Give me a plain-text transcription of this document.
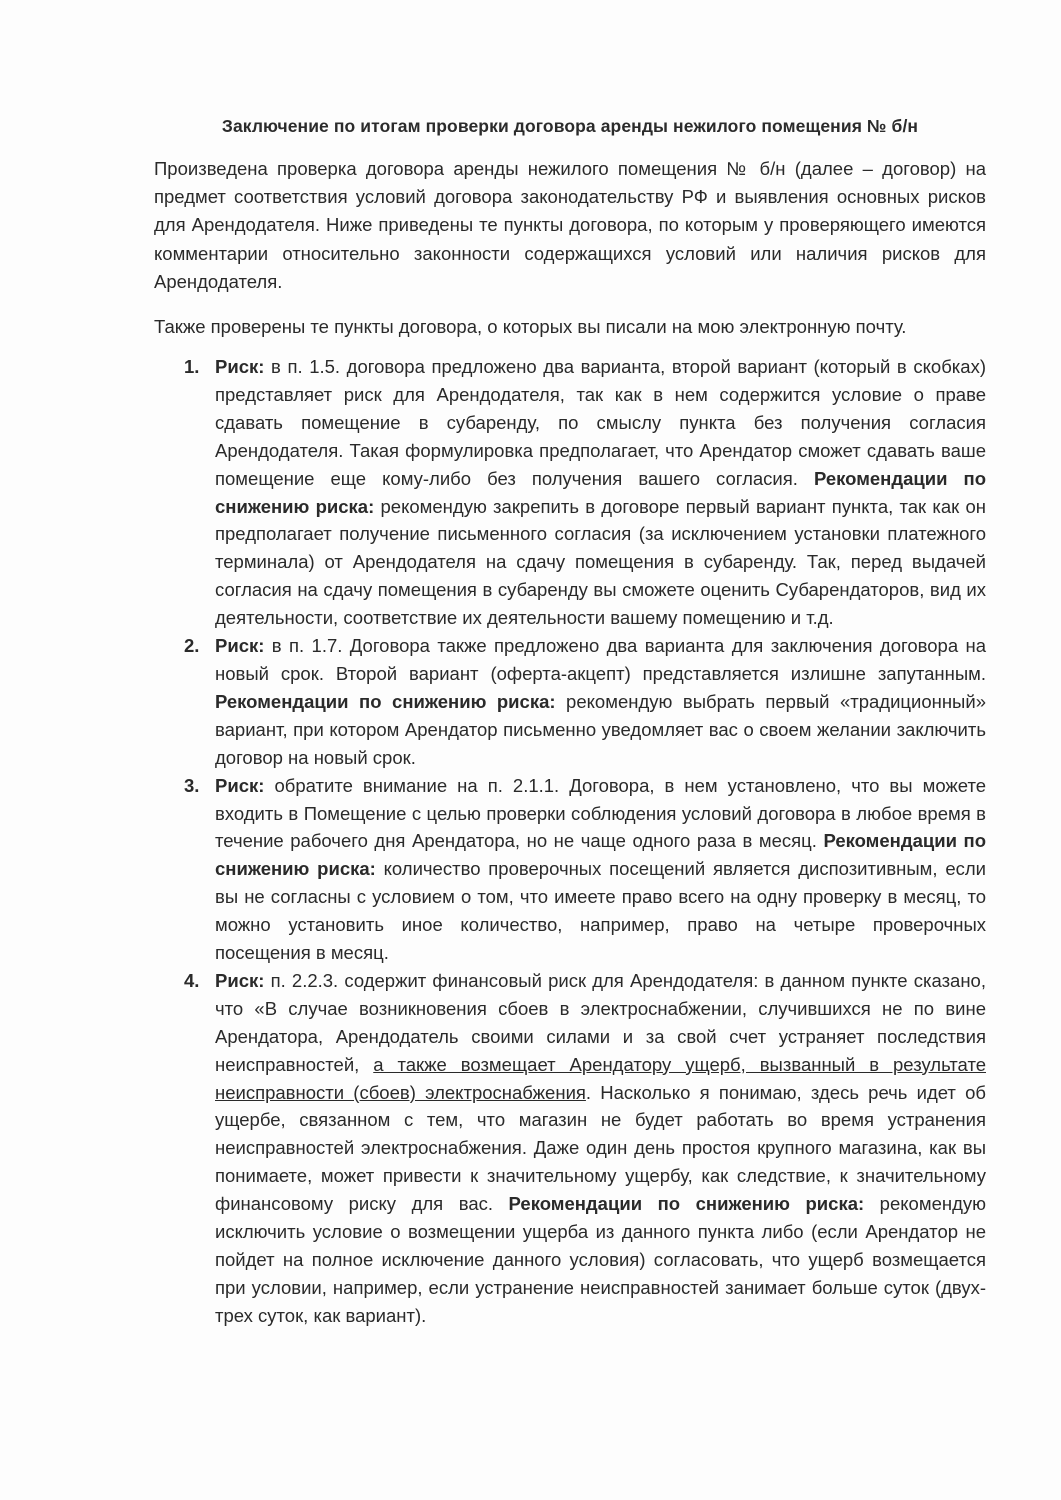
Заключение по итогам проверки договора аренды нежилого помещения № б/н

Произведена проверка договора аренды нежилого помещения № б/н (далее – договор) на предмет соответствия условий договора законодательству РФ и выявления основных рисков для Арендодателя. Ниже приведены те пункты договора, по которым у проверяющего имеются комментарии относительно законности содержащихся условий или наличия рисков для Арендодателя.

Также проверены те пункты договора, о которых вы писали на мою электронную почту.

1. Риск: в п. 1.5. договора предложено два варианта, второй вариант (который в скобках) представляет риск для Арендодателя, так как в нем содержится условие о праве сдавать помещение в субаренду, по смыслу пункта без получения согласия Арендодателя. Такая формулировка предполагает, что Арендатор сможет сдавать ваше помещение еще кому-либо без получения вашего согласия. Рекомендации по снижению риска: рекомендую закрепить в договоре первый вариант пункта, так как он предполагает получение письменного согласия (за исключением установки платежного терминала) от Арендодателя на сдачу помещения в субаренду. Так, перед выдачей согласия на сдачу помещения в субаренду вы сможете оценить Субарендаторов, вид их деятельности, соответствие их деятельности вашему помещению и т.д.
2. Риск: в п. 1.7. Договора также предложено два варианта для заключения договора на новый срок. Второй вариант (оферта-акцепт) представляется излишне запутанным. Рекомендации по снижению риска: рекомендую выбрать первый «традиционный» вариант, при котором Арендатор письменно уведомляет вас о своем желании заключить договор на новый срок.
3. Риск: обратите внимание на п. 2.1.1. Договора, в нем установлено, что вы можете входить в Помещение с целью проверки соблюдения условий договора в любое время в течение рабочего дня Арендатора, но не чаще одного раза в месяц. Рекомендации по снижению риска: количество проверочных посещений является диспозитивным, если вы не согласны с условием о том, что имеете право всего на одну проверку в месяц, то можно установить иное количество, например, право на четыре проверочных посещения в месяц.
4. Риск: п. 2.2.3. содержит финансовый риск для Арендодателя: в данном пункте сказано, что «В случае возникновения сбоев в электроснабжении, случившихся не по вине Арендатора, Арендодатель своими силами и за свой счет устраняет последствия неисправностей, а также возмещает Арендатору ущерб, вызванный в результате неисправности (сбоев) электроснабжения. Насколько я понимаю, здесь речь идет об ущербе, связанном с тем, что магазин не будет работать во время устранения неисправностей электроснабжения. Даже один день простоя крупного магазина, как вы понимаете, может привести к значительному ущербу, как следствие, к значительному финансовому риску для вас. Рекомендации по снижению риска: рекомендую исключить условие о возмещении ущерба из данного пункта либо (если Арендатор не пойдет на полное исключение данного условия) согласовать, что ущерб возмещается при условии, например, если устранение неисправностей занимает больше суток (двух-трех суток, как вариант).
